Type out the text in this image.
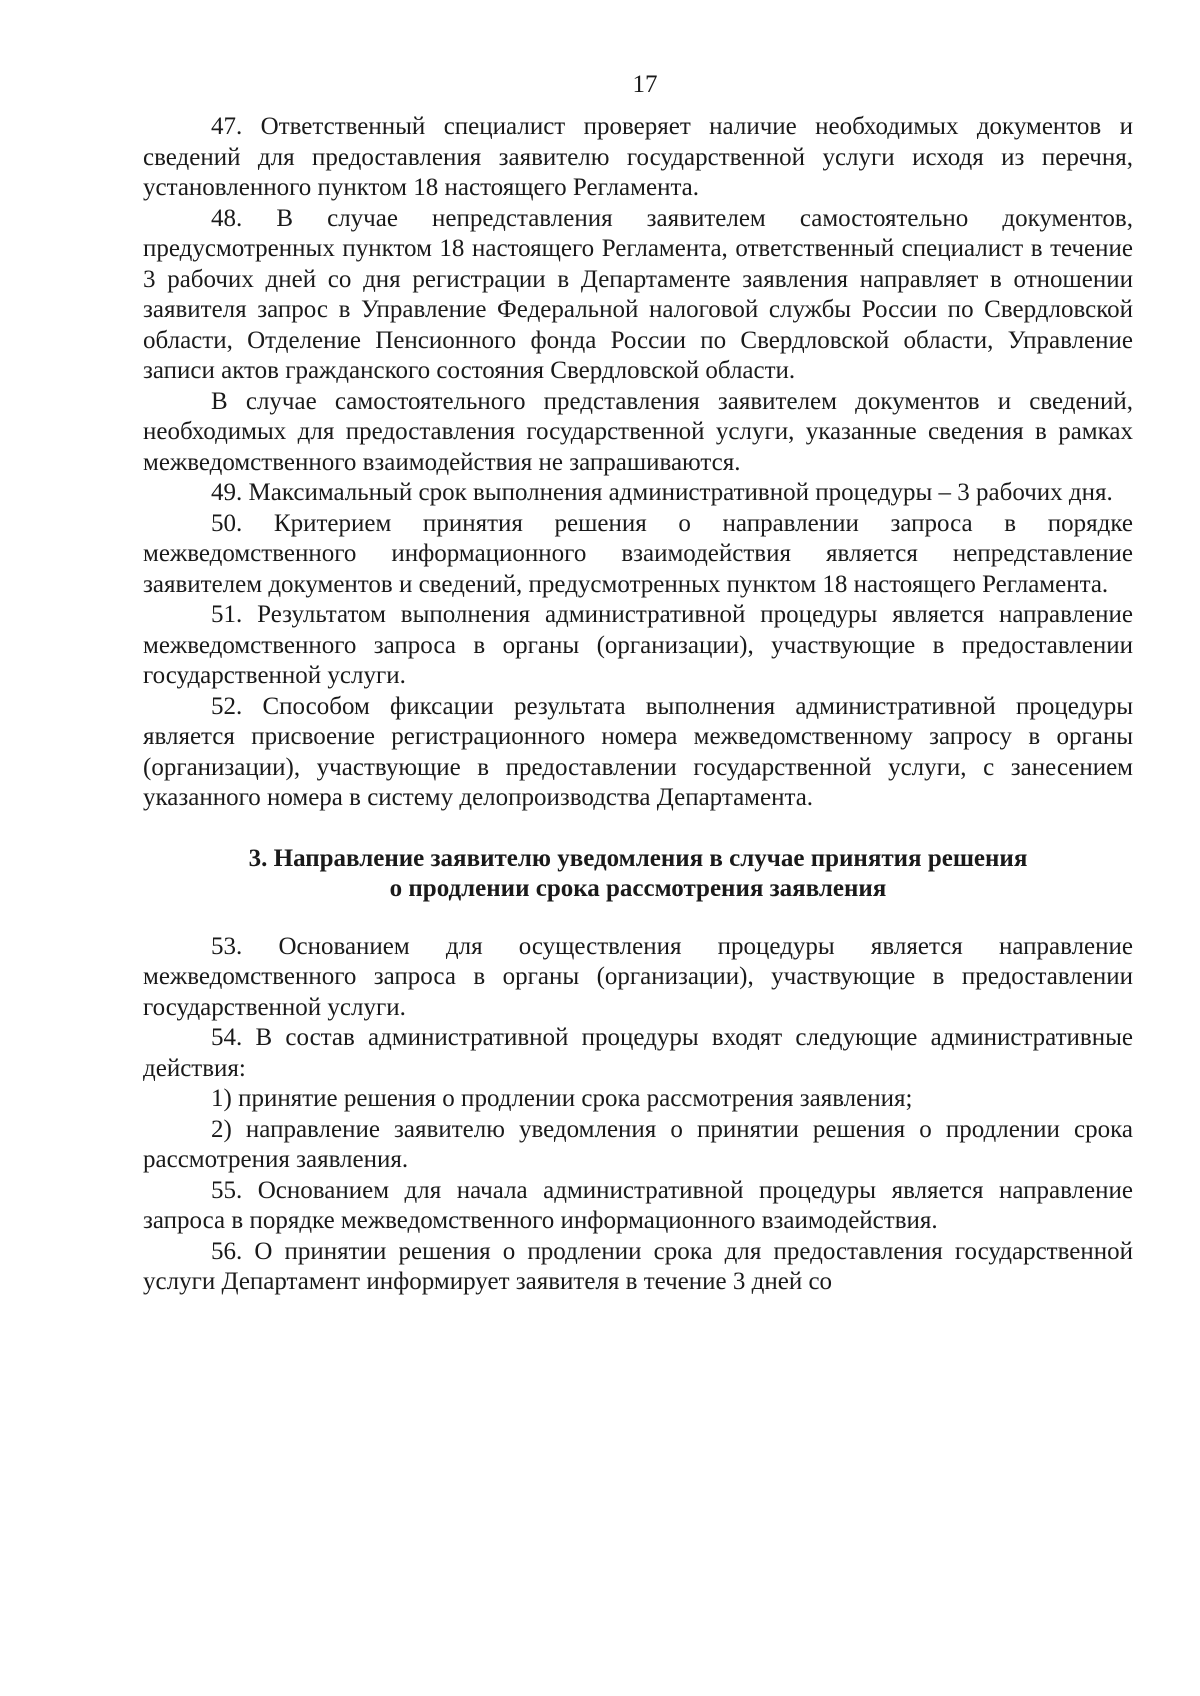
17

47. Ответственный специалист проверяет наличие необходимых документов и сведений для предоставления заявителю государственной услуги исходя из перечня, установленного пунктом 18 настоящего Регламента.

48. В случае непредставления заявителем самостоятельно документов, предусмотренных пунктом 18 настоящего Регламента, ответственный специалист в течение 3 рабочих дней со дня регистрации в Департаменте заявления направляет в отношении заявителя запрос в Управление Федеральной налоговой службы России по Свердловской области, Отделение Пенсионного фонда России по Свердловской области, Управление записи актов гражданского состояния Свердловской области.

В случае самостоятельного представления заявителем документов и сведений, необходимых для предоставления государственной услуги, указанные сведения в рамках межведомственного взаимодействия не запрашиваются.

49. Максимальный срок выполнения административной процедуры – 3 рабочих дня.

50. Критерием принятия решения о направлении запроса в порядке межведомственного информационного взаимодействия является непредставление заявителем документов и сведений, предусмотренных пунктом 18 настоящего Регламента.

51. Результатом выполнения административной процедуры является направление межведомственного запроса в органы (организации), участвующие в предоставлении государственной услуги.

52. Способом фиксации результата выполнения административной процедуры является присвоение регистрационного номера межведомственному запросу в органы (организации), участвующие в предоставлении государственной услуги, с занесением указанного номера в систему делопроизводства Департамента.

3. Направление заявителю уведомления в случае принятия решения
о продлении срока рассмотрения заявления

53. Основанием для осуществления процедуры является направление межведомственного запроса в органы (организации), участвующие в предоставлении государственной услуги.

54. В состав административной процедуры входят следующие административные действия:

1) принятие решения о продлении срока рассмотрения заявления;

2) направление заявителю уведомления о принятии решения о продлении срока рассмотрения заявления.

55. Основанием для начала административной процедуры является направление запроса в порядке межведомственного информационного взаимодействия.

56. О принятии решения о продлении срока для предоставления государственной услуги Департамент информирует заявителя в течение 3 дней со
